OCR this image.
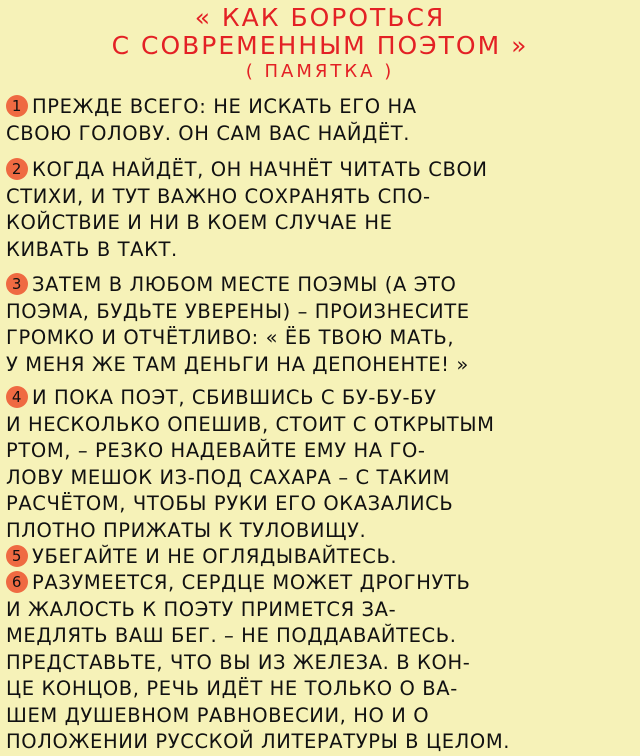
« КАК БОРОТЬСЯ
С СОВРЕМЕННЫМ ПОЭТОМ »
( ПАМЯТКА )
1 ПРЕЖДЕ ВСЕГО: НЕ ИСКАТЬ ЕГО НА
СВОЮ ГОЛОВУ. ОН САМ ВАС НАЙДЁТ.
2 КОГДА НАЙДЁТ, ОН НАЧНЁТ ЧИТАТЬ СВОИ
СТИХИ, И ТУТ ВАЖНО СОХРАНЯТЬ СПО-
КОЙСТВИЕ И НИ В КОЕМ СЛУЧАЕ НЕ
КИВАТЬ В ТАКТ.
3 ЗАТЕМ В ЛЮБОМ МЕСТЕ ПОЭМЫ (А ЭТО
ПОЭМА, БУДЬТЕ УВЕРЕНЫ) – ПРОИЗНЕСИТЕ
ГРОМКО И ОТЧЁТЛИВО: « ЁБ ТВОЮ МАТЬ,
У МЕНЯ ЖЕ ТАМ ДЕНЬГИ НА ДЕПОНЕНТЕ! »
4 И ПОКА ПОЭТ, СБИВШИСЬ С БУ-БУ-БУ
И НЕСКОЛЬКО ОПЕШИВ, СТОИТ С ОТКРЫТЫМ
РТОМ, – РЕЗКО НАДЕВАЙТЕ ЕМУ НА ГО-
ЛОВУ МЕШОК ИЗ-ПОД САХАРА – С ТАКИМ
РАСЧЁТОМ, ЧТОБЫ РУКИ ЕГО ОКАЗАЛИСЬ
ПЛОТНО ПРИЖАТЫ К ТУЛОВИЩУ.
5 УБЕГАЙТЕ И НЕ ОГЛЯДЫВАЙТЕСЬ.
6 РАЗУМЕЕТСЯ, СЕРДЦЕ МОЖЕТ ДРОГНУТЬ
И ЖАЛОСТЬ К ПОЭТУ ПРИМЕТСЯ ЗА-
МЕДЛЯТЬ ВАШ БЕГ. – НЕ ПОДДАВАЙТЕСЬ.
ПРЕДСТАВЬТЕ, ЧТО ВЫ ИЗ ЖЕЛЕЗА. В КОН-
ЦЕ КОНЦОВ, РЕЧЬ ИДЁТ НЕ ТОЛЬКО О ВА-
ШЕМ ДУШЕВНОМ РАВНОВЕСИИ, НО И О
ПОЛОЖЕНИИ РУССКОЙ ЛИТЕРАТУРЫ В ЦЕЛОМ.
